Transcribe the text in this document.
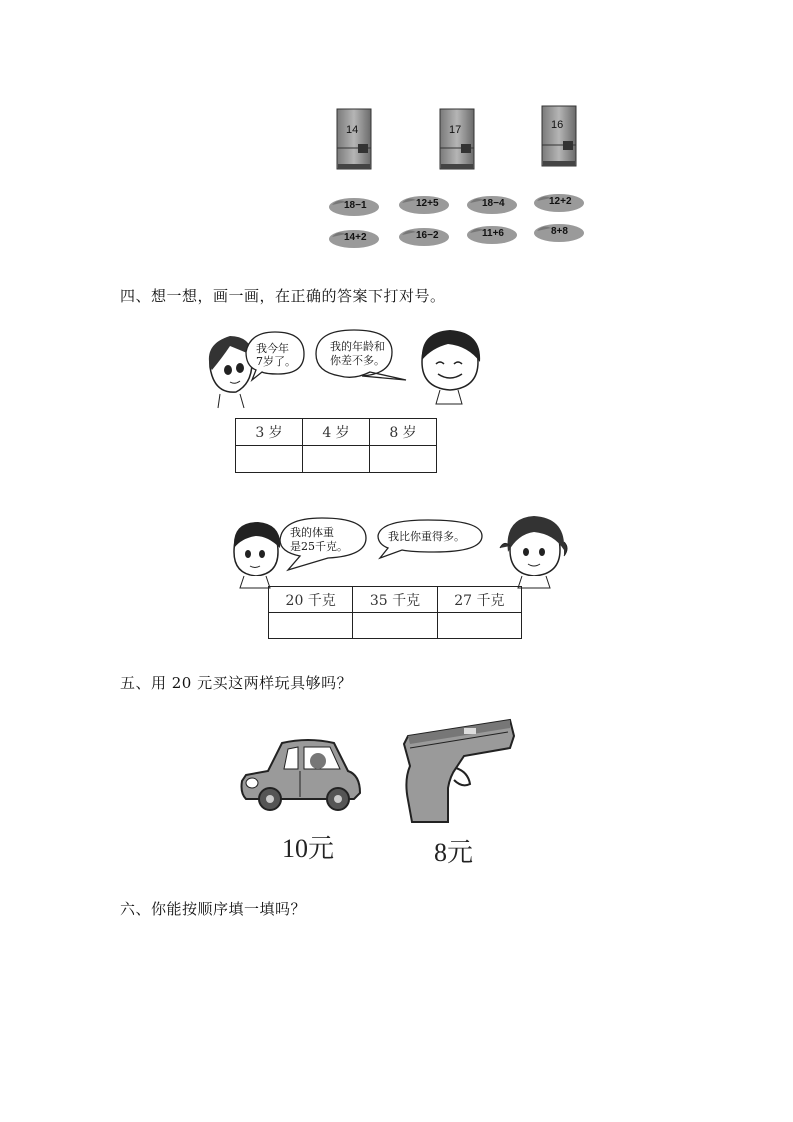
14	17	16
18−1	12+5	18−4	12+2
14+2	16−2	11+6	8+8
四、想一想，画一画，在正确的答案下打对号。
我今年
7岁了。
我的年龄和
你差不多。
3 岁	4 岁	8 岁

我的体重
是25千克。
我比你重得多。
20 千克	35 千克	27 千克

五、用 20 元买这两样玩具够吗？
10元	8元
六、你能按顺序填一填吗？
